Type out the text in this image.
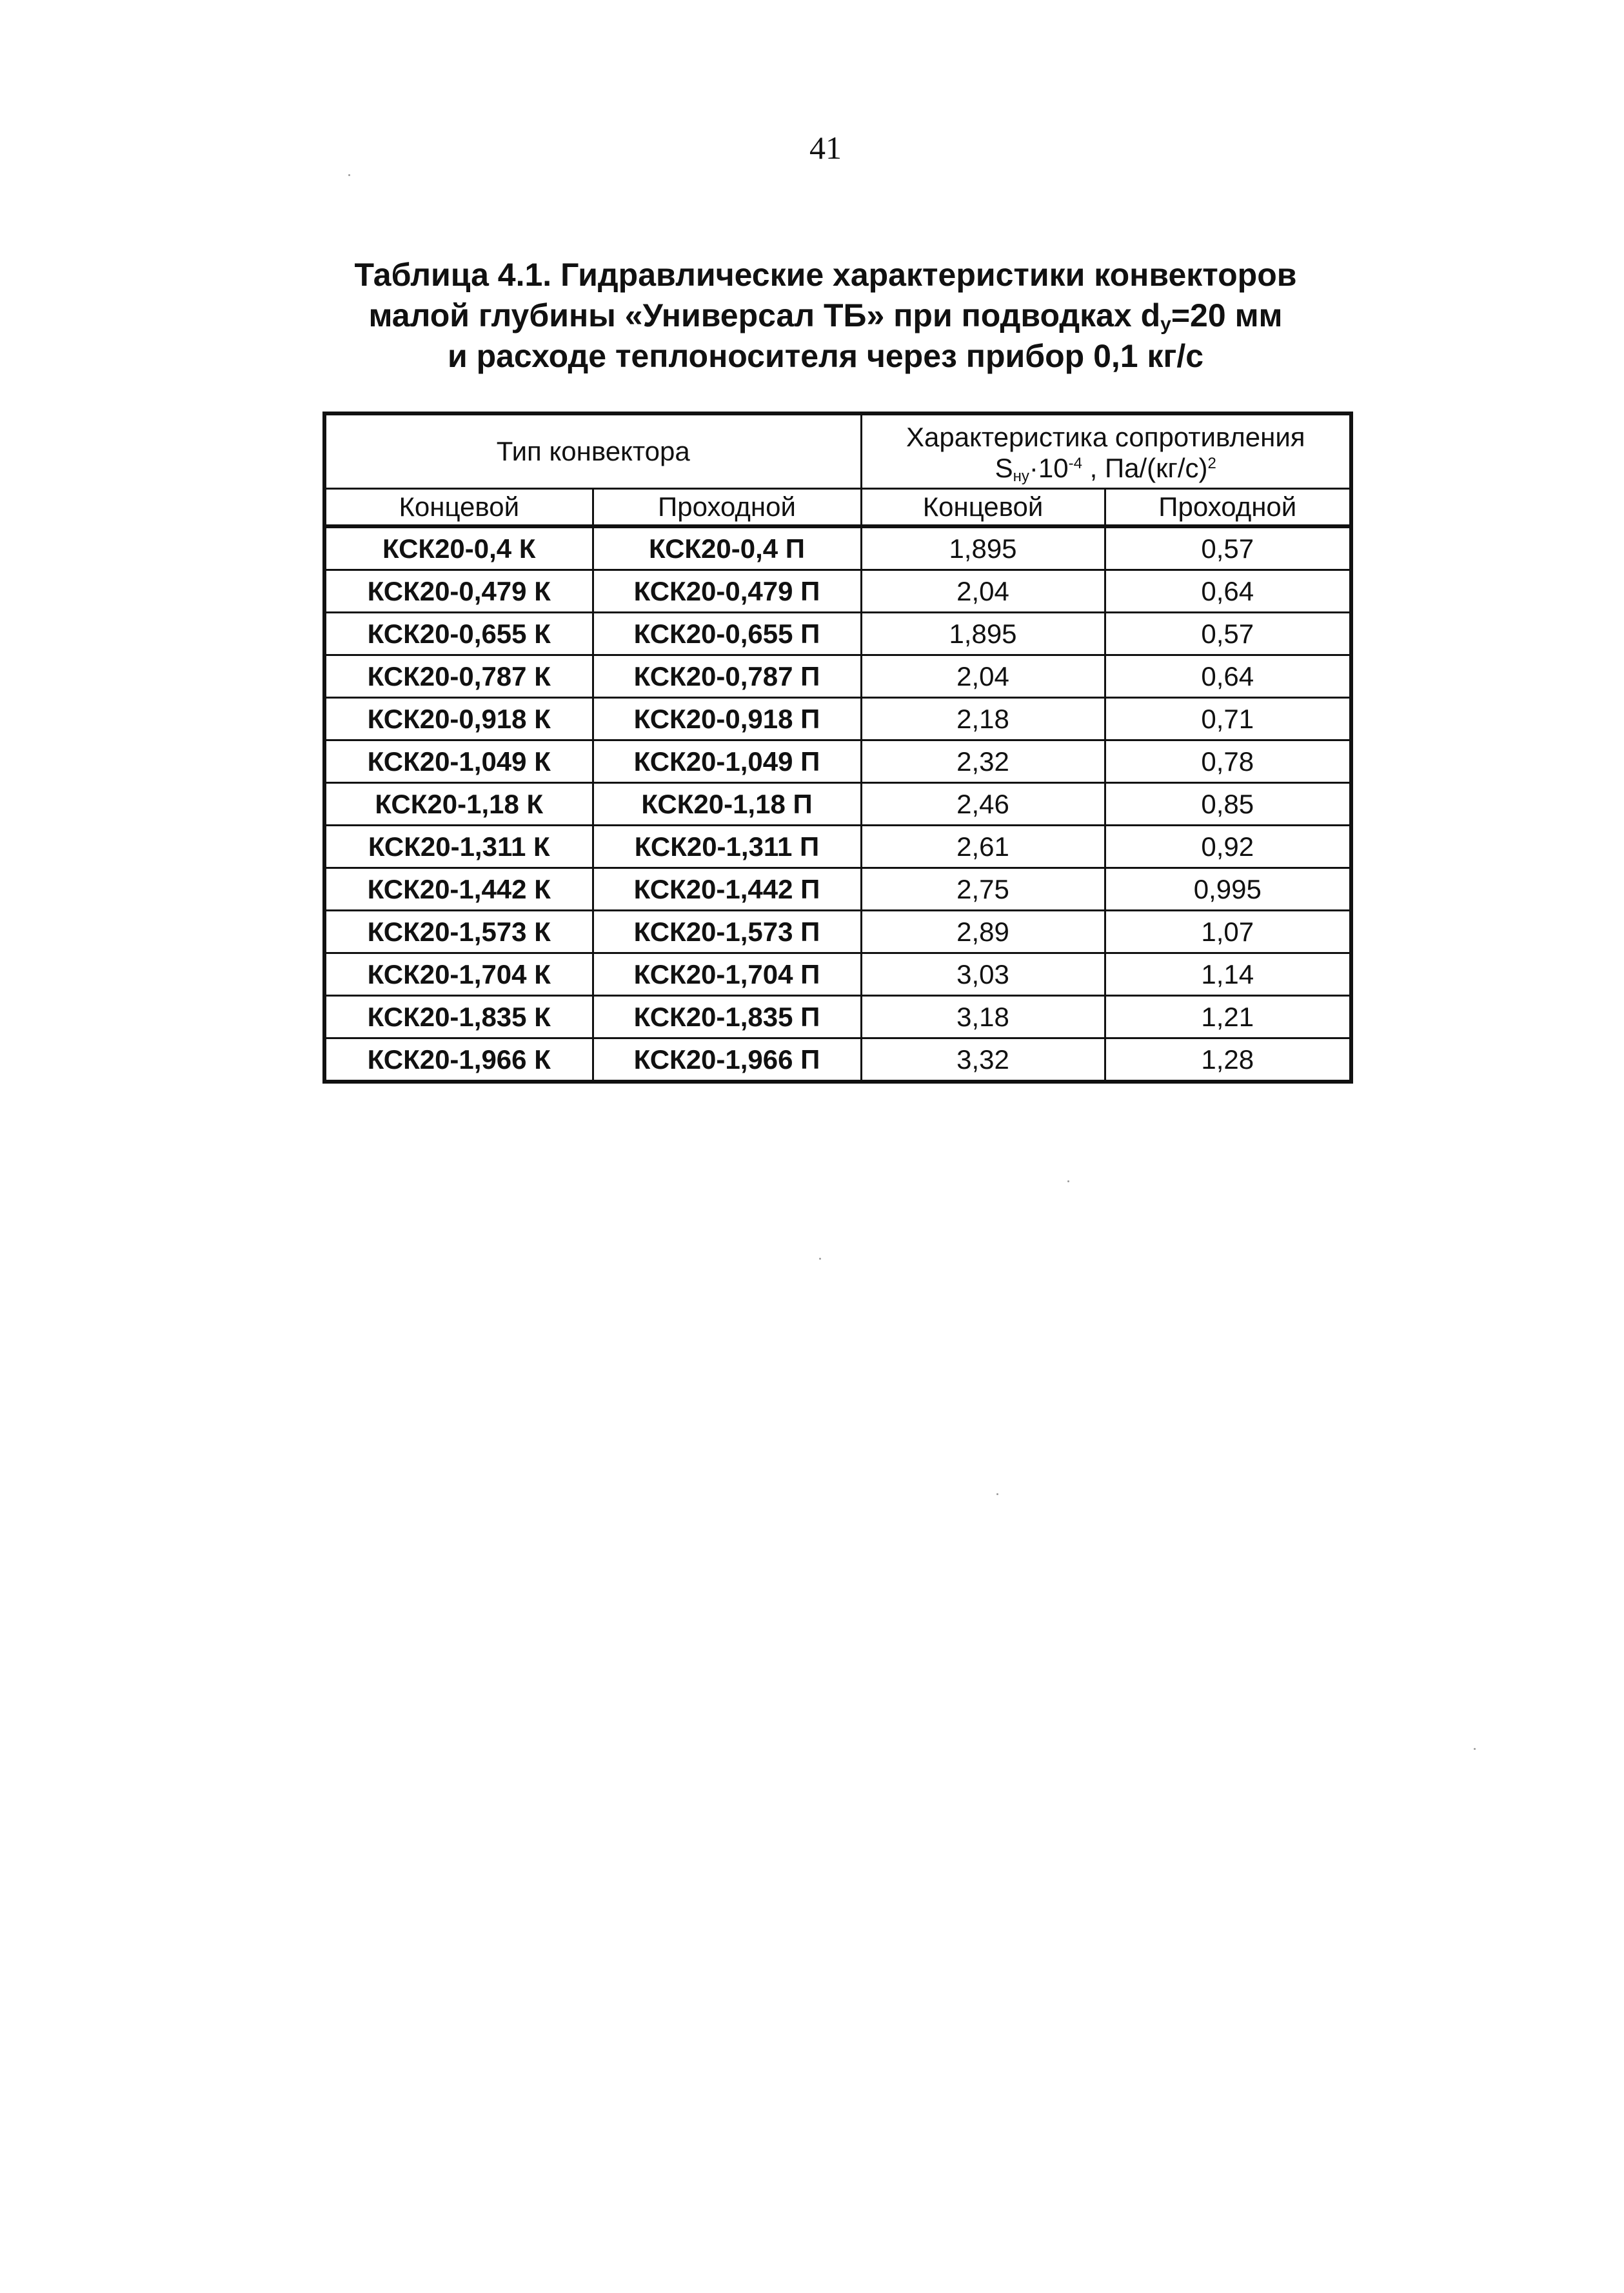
41
Таблица 4.1. Гидравлические характеристики конвекторов
малой глубины «Универсал ТБ» при подводках $d_у=20$ мм
и расходе теплоносителя через прибор 0,1 кг/с
Тип конвектора		Характеристика сопротивления
$S_{ну}\cdot 10^{-4}$ , $Па/(кг/с)^2$
Концевой	Проходной	Концевой	Проходной
КСК20-0,4 К	КСК20-0,4 П	1,895	0,57
КСК20-0,479 К	КСК20-0,479 П	2,04	0,64
КСК20-0,655 К	КСК20-0,655 П	1,895	0,57
КСК20-0,787 К	КСК20-0,787 П	2,04	0,64
КСК20-0,918 К	КСК20-0,918 П	2,18	0,71
КСК20-1,049 К	КСК20-1,049 П	2,32	0,78
КСК20-1,18 К	КСК20-1,18 П	2,46	0,85
КСК20-1,311 К	КСК20-1,311 П	2,61	0,92
КСК20-1,442 К	КСК20-1,442 П	2,75	0,995
КСК20-1,573 К	КСК20-1,573 П	2,89	1,07
КСК20-1,704 К	КСК20-1,704 П	3,03	1,14
КСК20-1,835 К	КСК20-1,835 П	3,18	1,21
КСК20-1,966 К	КСК20-1,966 П	3,32	1,28
